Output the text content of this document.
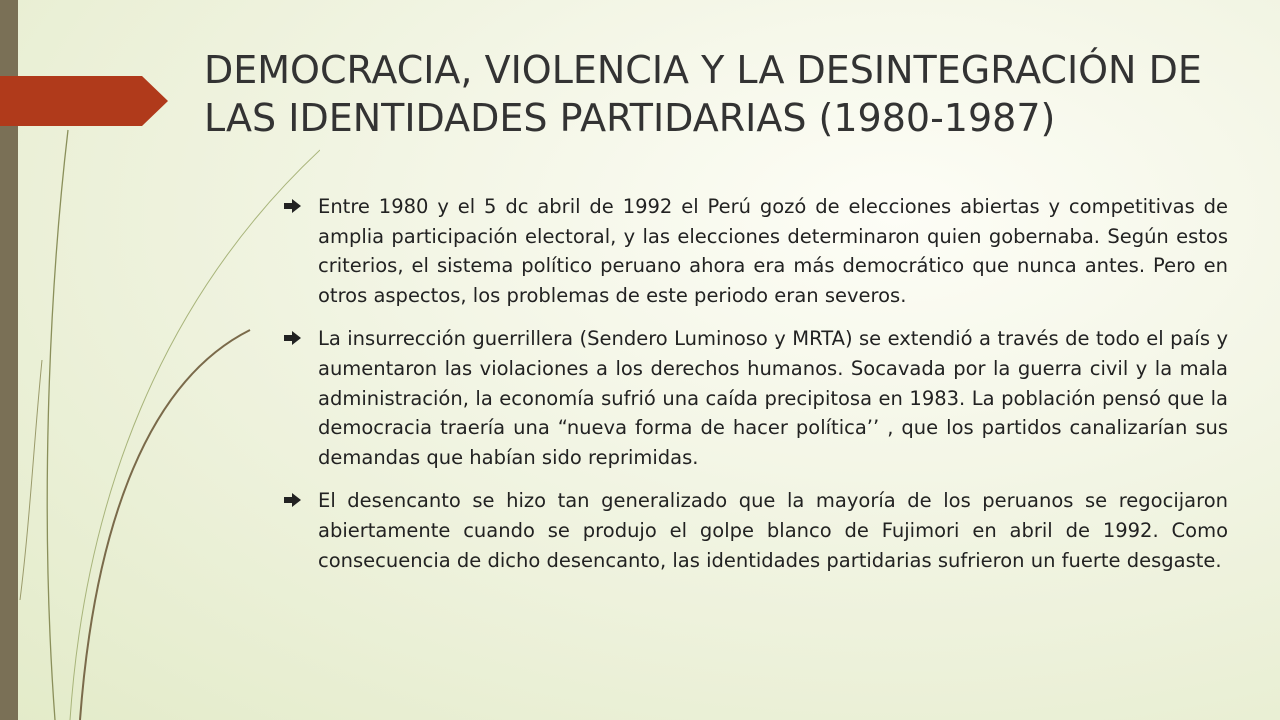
DEMOCRACIA, VIOLENCIA Y LA DESINTEGRACIÓN DE LAS IDENTIDADES PARTIDARIAS (1980-1987)
Entre 1980 y el 5 dc abril de 1992 el Perú gozó de elecciones abiertas y competitivas de amplia participación electoral, y las elecciones determinaron quien gobernaba. Según estos criterios, el sistema político peruano ahora era más democrático que nunca antes. Pero en otros aspectos, los problemas de este periodo eran severos.
La insurrección guerrillera (Sendero Luminoso y MRTA) se extendió a través de todo el país y aumentaron las violaciones a los derechos humanos. Socavada por la guerra civil y la mala administración, la economía sufrió una caída precipitosa en 1983. La población pensó que la democracia traería una “nueva forma de hacer política’’ , que los partidos canalizarían sus demandas que habían sido reprimidas.
El desencanto se hizo tan generalizado que la mayoría de los peruanos se regocijaron abiertamente cuando se produjo el golpe blanco de Fujimori en abril de 1992. Como consecuencia de dicho desencanto, las identidades partidarias sufrieron un fuerte desgaste.
